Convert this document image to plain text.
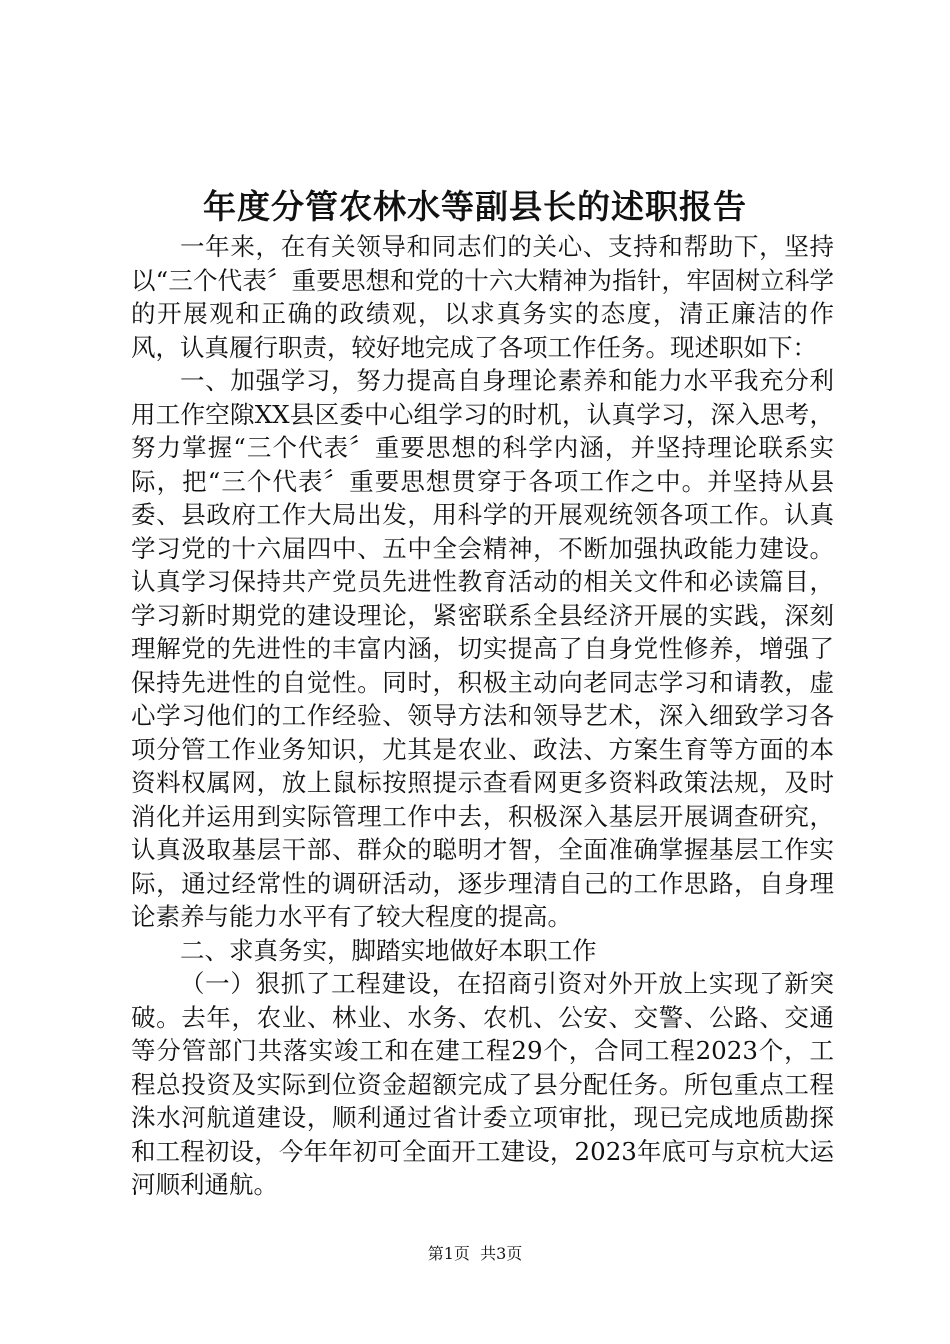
年度分管农林水等副县长的述职报告

一年来，在有关领导和同志们的关心、支持和帮助下，坚持以“三个代表〞重要思想和党的十六大精神为指针，牢固树立科学的开展观和正确的政绩观，以求真务实的态度，清正廉洁的作风，认真履行职责，较好地完成了各项工作任务。现述职如下：

一、加强学习，努力提高自身理论素养和能力水平我充分利用工作空隙XX县区委中心组学习的时机，认真学习，深入思考，努力掌握“三个代表〞重要思想的科学内涵，并坚持理论联系实际，把“三个代表〞重要思想贯穿于各项工作之中。并坚持从县委、县政府工作大局出发，用科学的开展观统领各项工作。认真学习党的十六届四中、五中全会精神，不断加强执政能力建设。认真学习保持共产党员先进性教育活动的相关文件和必读篇目，学习新时期党的建设理论，紧密联系全县经济开展的实践，深刻理解党的先进性的丰富内涵，切实提高了自身党性修养，增强了保持先进性的自觉性。同时，积极主动向老同志学习和请教，虚心学习他们的工作经验、领导方法和领导艺术，深入细致学习各项分管工作业务知识，尤其是农业、政法、方案生育等方面的本资料权属网，放上鼠标按照提示查看网更多资料政策法规，及时消化并运用到实际管理工作中去，积极深入基层开展调查研究，认真汲取基层干部、群众的聪明才智，全面准确掌握基层工作实际，通过经常性的调研活动，逐步理清自己的工作思路，自身理论素养与能力水平有了较大程度的提高。

二、求真务实，脚踏实地做好本职工作

（一）狠抓了工程建设，在招商引资对外开放上实现了新突破。去年，农业、林业、水务、农机、公安、交警、公路、交通等分管部门共落实竣工和在建工程29个，合同工程2023个，工程总投资及实际到位资金超额完成了县分配任务。所包重点工程洙水河航道建设，顺利通过省计委立项审批，现已完成地质勘探和工程初设，今年年初可全面开工建设，2023年底可与京杭大运河顺利通航。

第1页 共3页
